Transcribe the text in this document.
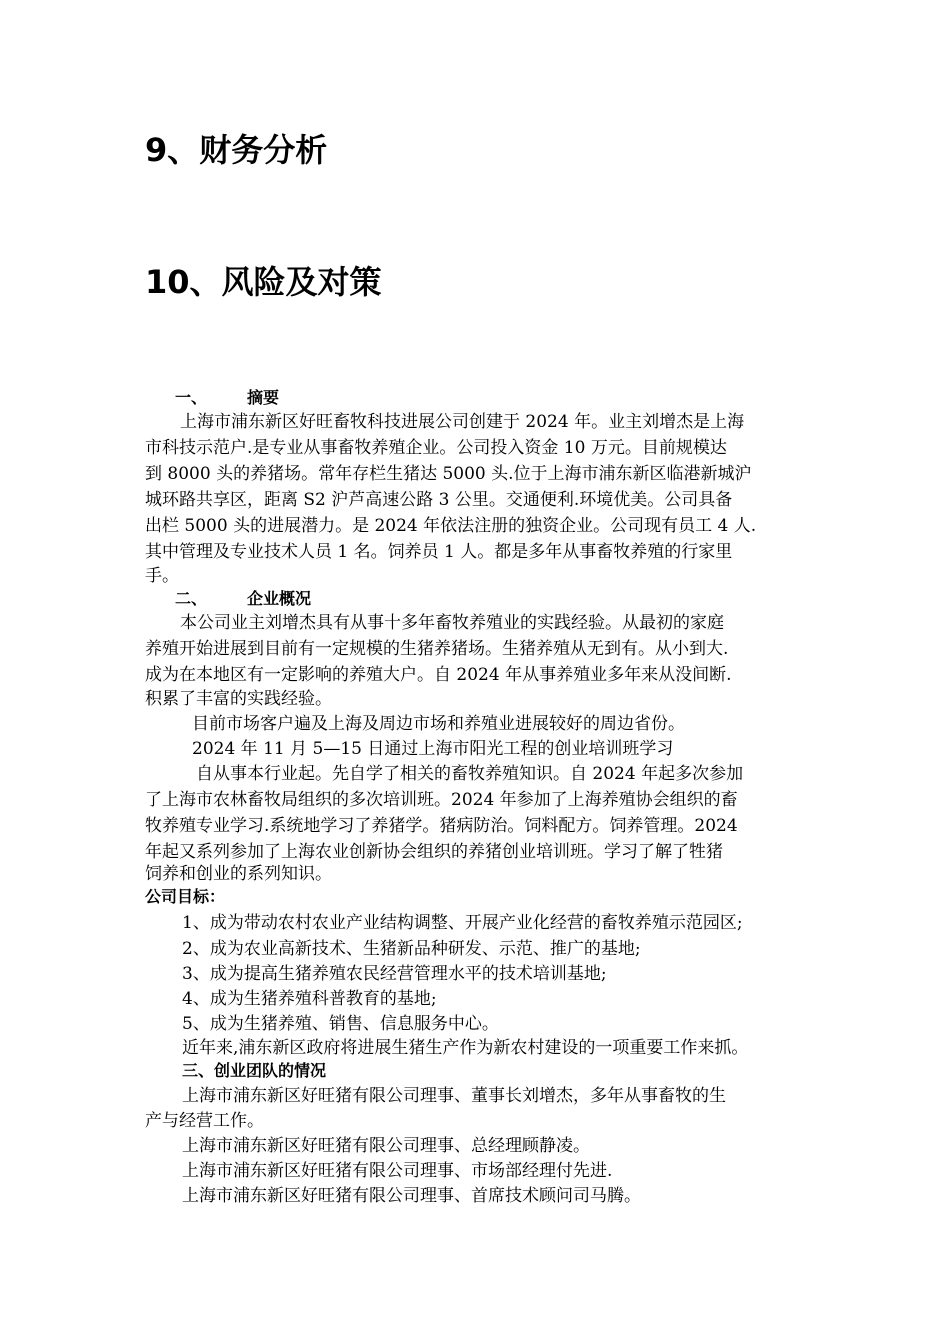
9、财务分析
10、风险及对策
一、 摘要
上海市浦东新区好旺畜牧科技进展公司创建于 2024 年。业主刘增杰是上海
市科技示范户.是专业从事畜牧养殖企业。公司投入资金 10 万元。目前规模达
到 8000 头的养猪场。常年存栏生猪达 5000 头.位于上海市浦东新区临港新城沪
城环路共享区，距离 S2 沪芦高速公路 3 公里。交通便利.环境优美。公司具备
出栏 5000 头的进展潜力。是 2024 年依法注册的独资企业。公司现有员工 4 人.
其中管理及专业技术人员 1 名。饲养员 1 人。都是多年从事畜牧养殖的行家里
手。
二、 企业概况
本公司业主刘增杰具有从事十多年畜牧养殖业的实践经验。从最初的家庭
养殖开始进展到目前有一定规模的生猪养猪场。生猪养殖从无到有。从小到大.
成为在本地区有一定影响的养殖大户。自 2024 年从事养殖业多年来从没间断.
积累了丰富的实践经验。
目前市场客户遍及上海及周边市场和养殖业进展较好的周边省份。
2024 年 11 月 5—15 日通过上海市阳光工程的创业培训班学习
自从事本行业起。先自学了相关的畜牧养殖知识。自 2024 年起多次参加
了上海市农林畜牧局组织的多次培训班。2024 年参加了上海养殖协会组织的畜
牧养殖专业学习.系统地学习了养猪学。猪病防治。饲料配方。饲养管理。2024
年起又系列参加了上海农业创新协会组织的养猪创业培训班。学习了解了牲猪
饲养和创业的系列知识。
公司目标：
1、成为带动农村农业产业结构调整、开展产业化经营的畜牧养殖示范园区;
2、成为农业高新技术、生猪新品种研发、示范、推广的基地;
3、成为提高生猪养殖农民经营管理水平的技术培训基地;
4、成为生猪养殖科普教育的基地;
5、成为生猪养殖、销售、信息服务中心。
近年来,浦东新区政府将进展生猪生产作为新农村建设的一项重要工作来抓。
三、创业团队的情况
上海市浦东新区好旺猪有限公司理事、董事长刘增杰，多年从事畜牧的生
产与经营工作。
上海市浦东新区好旺猪有限公司理事、总经理顾静凌。
上海市浦东新区好旺猪有限公司理事、市场部经理付先进.
上海市浦东新区好旺猪有限公司理事、首席技术顾问司马腾。
